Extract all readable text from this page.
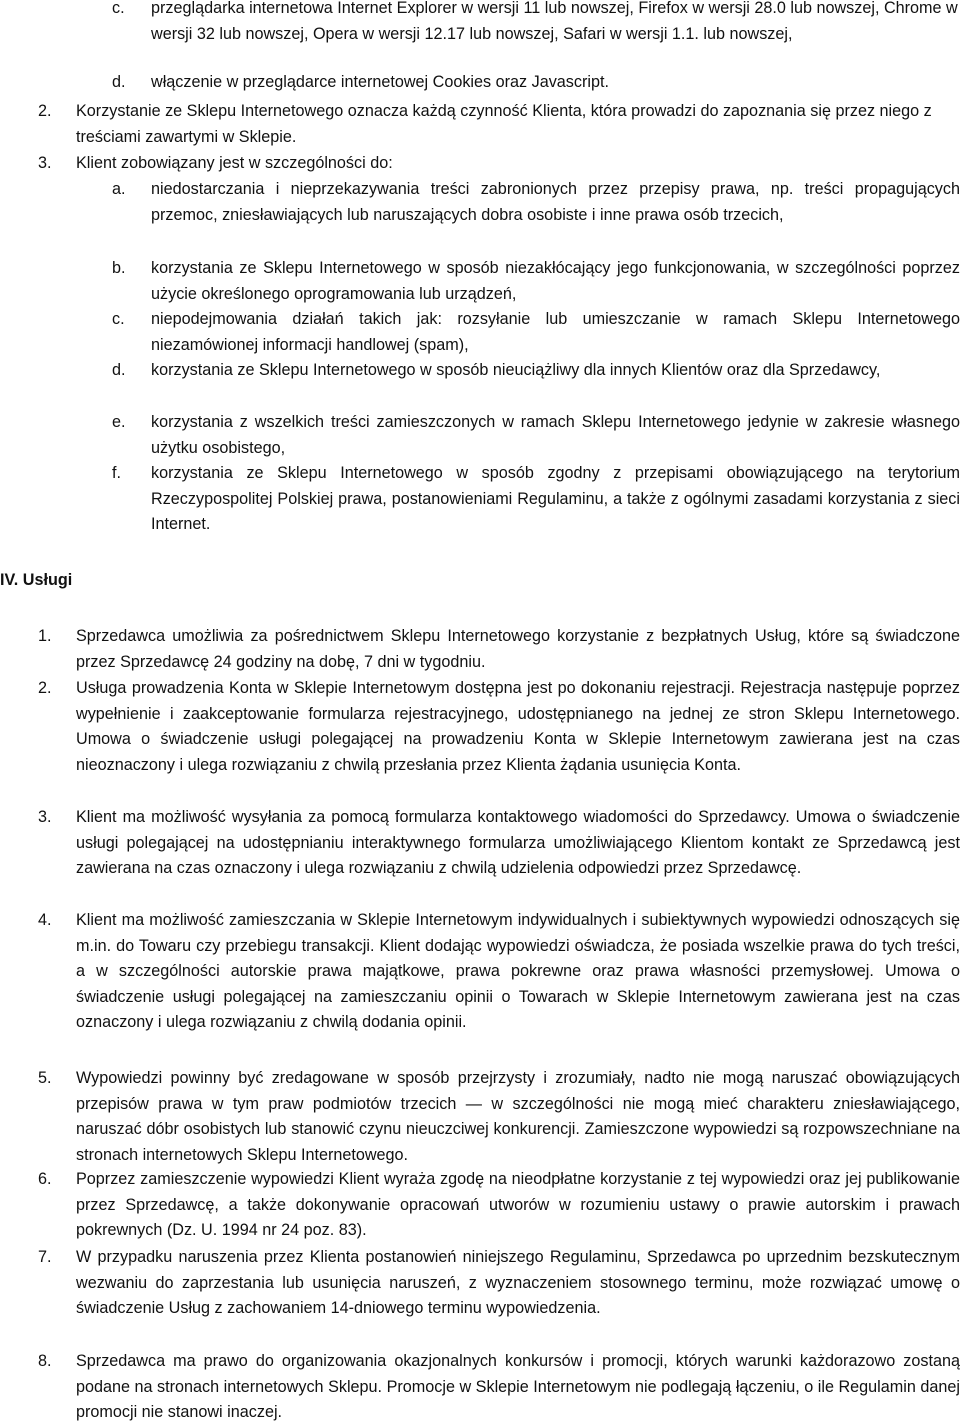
c. przeglądarka internetowa Internet Explorer w wersji 11 lub nowszej, Firefox w wersji 28.0 lub nowszej, Chrome w wersji 32 lub nowszej, Opera w wersji 12.17 lub nowszej, Safari w wersji 1.1. lub nowszej,
d. włączenie w przeglądarce internetowej Cookies oraz Javascript.
2. Korzystanie ze Sklepu Internetowego oznacza każdą czynność Klienta, która prowadzi do zapoznania się przez niego z treściami zawartymi w Sklepie.
3. Klient zobowiązany jest w szczególności do:
a. niedostarczania i nieprzekazywania treści zabronionych przez przepisy prawa, np. treści propagujących przemoc, zniesławiających lub naruszających dobra osobiste i inne prawa osób trzecich,
b. korzystania ze Sklepu Internetowego w sposób niezakłócający jego funkcjonowania, w szczególności poprzez użycie określonego oprogramowania lub urządzeń,
c. niepodejmowania działań takich jak: rozsyłanie lub umieszczanie w ramach Sklepu Internetowego niezamówionej informacji handlowej (spam),
d. korzystania ze Sklepu Internetowego w sposób nieuciążliwy dla innych Klientów oraz dla Sprzedawcy,
e. korzystania z wszelkich treści zamieszczonych w ramach Sklepu Internetowego jedynie w zakresie własnego użytku osobistego,
f. korzystania ze Sklepu Internetowego w sposób zgodny z przepisami obowiązującego na terytorium Rzeczypospolitej Polskiej prawa, postanowieniami Regulaminu, a także z ogólnymi zasadami korzystania z sieci Internet.
IV. Usługi
1. Sprzedawca umożliwia za pośrednictwem Sklepu Internetowego korzystanie z bezpłatnych Usług, które są świadczone przez Sprzedawcę 24 godziny na dobę, 7 dni w tygodniu.
2. Usługa prowadzenia Konta w Sklepie Internetowym dostępna jest po dokonaniu rejestracji. Rejestracja następuje poprzez wypełnienie i zaakceptowanie formularza rejestracyjnego, udostępnianego na jednej ze stron Sklepu Internetowego. Umowa o świadczenie usługi polegającej na prowadzeniu Konta w Sklepie Internetowym zawierana jest na czas nieoznaczony i ulega rozwiązaniu z chwilą przesłania przez Klienta żądania usunięcia Konta.
3. Klient ma możliwość wysyłania za pomocą formularza kontaktowego wiadomości do Sprzedawcy. Umowa o świadczenie usługi polegającej na udostępnianiu interaktywnego formularza umożliwiającego Klientom kontakt ze Sprzedawcą jest zawierana na czas oznaczony i ulega rozwiązaniu z chwilą udzielenia odpowiedzi przez Sprzedawcę.
4. Klient ma możliwość zamieszczania w Sklepie Internetowym indywidualnych i subiektywnych wypowiedzi odnoszących się m.in. do Towaru czy przebiegu transakcji. Klient dodając wypowiedzi oświadcza, że posiada wszelkie prawa do tych treści, a w szczególności autorskie prawa majątkowe, prawa pokrewne oraz prawa własności przemysłowej. Umowa o świadczenie usługi polegającej na zamieszczaniu opinii o Towarach w Sklepie Internetowym zawierana jest na czas oznaczony i ulega rozwiązaniu z chwilą dodania opinii.
5. Wypowiedzi powinny być zredagowane w sposób przejrzysty i zrozumiały, nadto nie mogą naruszać obowiązujących przepisów prawa w tym praw podmiotów trzecich — w szczególności nie mogą mieć charakteru zniesławiającego, naruszać dóbr osobistych lub stanowić czynu nieuczciwej konkurencji. Zamieszczone wypowiedzi są rozpowszechniane na stronach internetowych Sklepu Internetowego.
6. Poprzez zamieszczenie wypowiedzi Klient wyraża zgodę na nieodpłatne korzystanie z tej wypowiedzi oraz jej publikowanie przez Sprzedawcę, a także dokonywanie opracowań utworów w rozumieniu ustawy o prawie autorskim i prawach pokrewnych (Dz. U. 1994 nr 24 poz. 83).
7. W przypadku naruszenia przez Klienta postanowień niniejszego Regulaminu, Sprzedawca po uprzednim bezskutecznym wezwaniu do zaprzestania lub usunięcia naruszeń, z wyznaczeniem stosownego terminu, może rozwiązać umowę o świadczenie Usług z zachowaniem 14-dniowego terminu wypowiedzenia.
8. Sprzedawca ma prawo do organizowania okazjonalnych konkursów i promocji, których warunki każdorazowo zostaną podane na stronach internetowych Sklepu. Promocje w Sklepie Internetowym nie podlegają łączeniu, o ile Regulamin danej promocji nie stanowi inaczej.
